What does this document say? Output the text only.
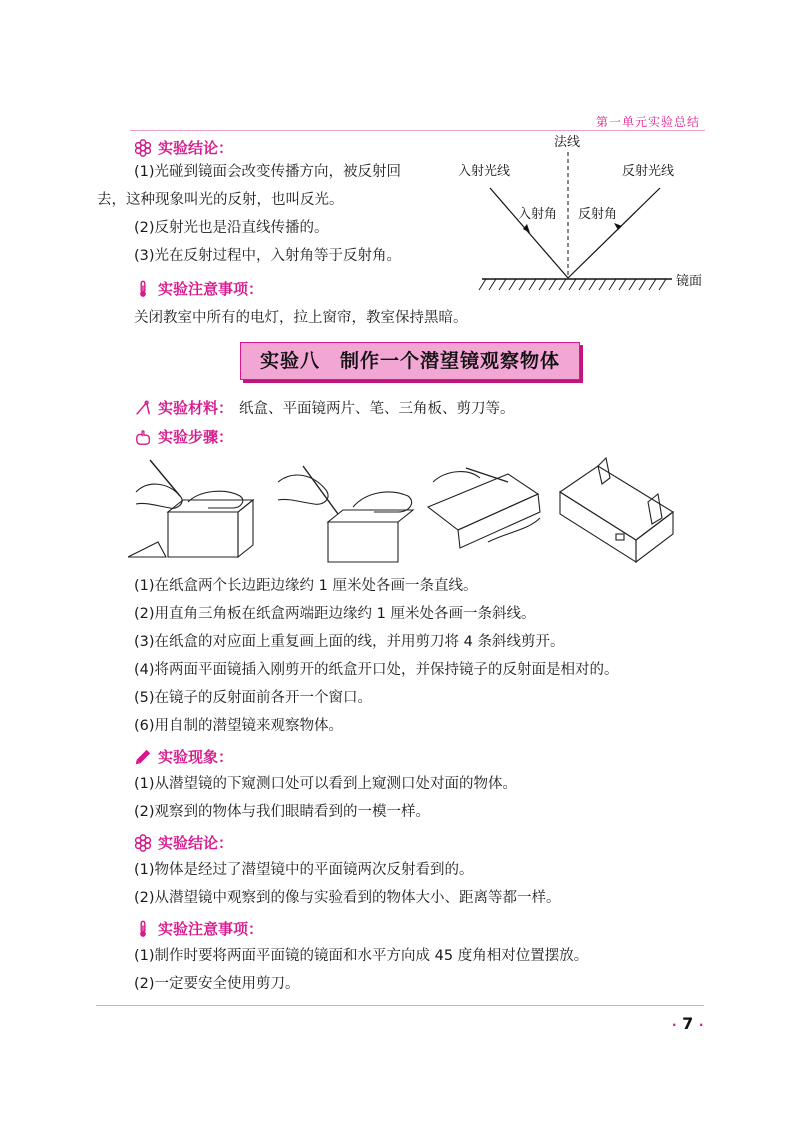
第一单元实验总结
实验结论：
(1)光碰到镜面会改变传播方向，被反射回
去，这种现象叫光的反射，也叫反光。
(2)反射光也是沿直线传播的。
(3)光在反射过程中，入射角等于反射角。
实验注意事项：
关闭教室中所有的电灯，拉上窗帘，教室保持黑暗。
法线
入射光线	反射光线
入射角 反射角
镜面
实验八　制作一个潜望镜观察物体
实验材料： 纸盒、平面镜两片、笔、三角板、剪刀等。
实验步骤：
(1)在纸盒两个长边距边缘约 1 厘米处各画一条直线。
(2)用直角三角板在纸盒两端距边缘约 1 厘米处各画一条斜线。
(3)在纸盒的对应面上重复画上面的线，并用剪刀将 4 条斜线剪开。
(4)将两面平面镜插入刚剪开的纸盒开口处，并保持镜子的反射面是相对的。
(5)在镜子的反射面前各开一个窗口。
(6)用自制的潜望镜来观察物体。
实验现象：
(1)从潜望镜的下窥测口处可以看到上窥测口处对面的物体。
(2)观察到的物体与我们眼睛看到的一模一样。
实验结论：
(1)物体是经过了潜望镜中的平面镜两次反射看到的。
(2)从潜望镜中观察到的像与实验看到的物体大小、距离等都一样。
实验注意事项：
(1)制作时要将两面平面镜的镜面和水平方向成 45 度角相对位置摆放。
(2)一定要安全使用剪刀。
· 7 ·
